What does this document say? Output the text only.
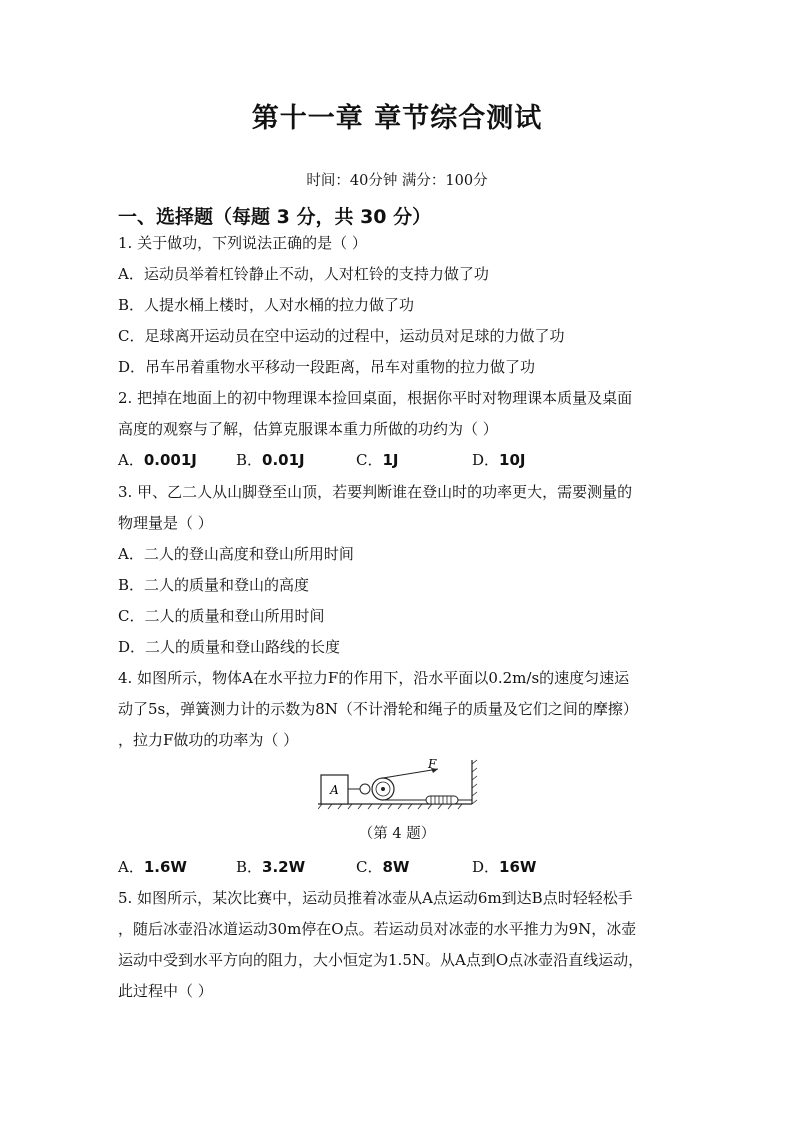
第十一章 章节综合测试
时间：40分钟 满分：100分
一、选择题（每题 3 分，共 30 分）
1. 关于做功，下列说法正确的是（ ）
A．运动员举着杠铃静止不动，人对杠铃的支持力做了功
B．人提水桶上楼时，人对水桶的拉力做了功
C．足球离开运动员在空中运动的过程中，运动员对足球的力做了功
D．吊车吊着重物水平移动一段距离，吊车对重物的拉力做了功
2. 把掉在地面上的初中物理课本捡回桌面，根据你平时对物理课本质量及桌面
高度的观察与了解，估算克服课本重力所做的功约为（ ）
A．0.001J	B．0.01J	C．1J	D．10J
3. 甲、乙二人从山脚登至山顶，若要判断谁在登山时的功率更大，需要测量的
物理量是（ ）
A．二人的登山高度和登山所用时间
B．二人的质量和登山的高度
C．二人的质量和登山所用时间
D．二人的质量和登山路线的长度
4. 如图所示，物体A在水平拉力F的作用下，沿水平面以0.2m/s的速度匀速运
动了5s，弹簧测力计的示数为8N（不计滑轮和绳子的质量及它们之间的摩擦）
，拉力F做功的功率为（ ）
A
F
（第 4 题）
A．1.6W	B．3.2W	C．8W	D．16W
5. 如图所示，某次比赛中，运动员推着冰壶从A点运动6m到达B点时轻轻松手
，随后冰壶沿冰道运动30m停在O点。若运动员对冰壶的水平推力为9N，冰壶
运动中受到水平方向的阻力，大小恒定为1.5N。从A点到O点冰壶沿直线运动，
此过程中（ ）
